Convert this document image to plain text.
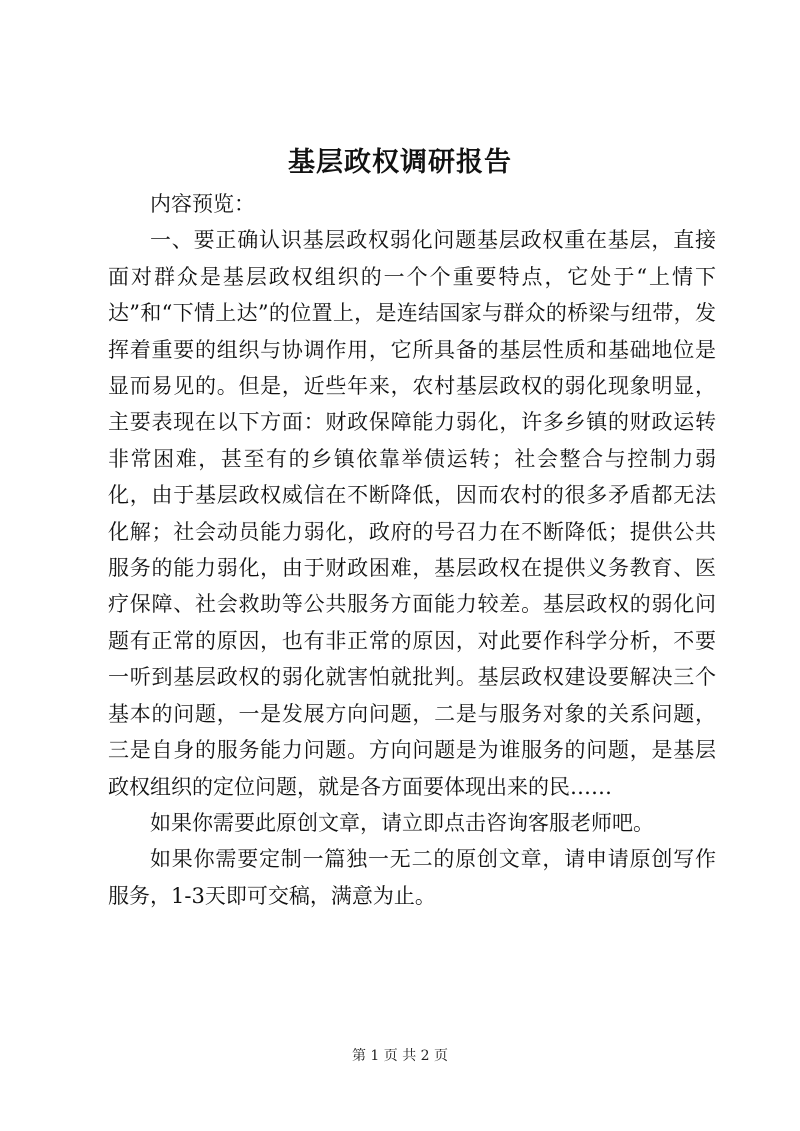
基层政权调研报告

内容预览：

一、要正确认识基层政权弱化问题基层政权重在基层，直接面对群众是基层政权组织的一个个重要特点，它处于“上情下达”和“下情上达”的位置上，是连结国家与群众的桥梁与纽带，发挥着重要的组织与协调作用，它所具备的基层性质和基础地位是显而易见的。但是，近些年来，农村基层政权的弱化现象明显，主要表现在以下方面：财政保障能力弱化，许多乡镇的财政运转非常困难，甚至有的乡镇依靠举债运转；社会整合与控制力弱化，由于基层政权威信在不断降低，因而农村的很多矛盾都无法化解；社会动员能力弱化，政府的号召力在不断降低；提供公共服务的能力弱化，由于财政困难，基层政权在提供义务教育、医疗保障、社会救助等公共服务方面能力较差。基层政权的弱化问题有正常的原因，也有非正常的原因，对此要作科学分析，不要一听到基层政权的弱化就害怕就批判。基层政权建设要解决三个基本的问题，一是发展方向问题，二是与服务对象的关系问题，三是自身的服务能力问题。方向问题是为谁服务的问题，是基层政权组织的定位问题，就是各方面要体现出来的民……

如果你需要此原创文章，请立即点击咨询客服老师吧。

如果你需要定制一篇独一无二的原创文章，请申请原创写作服务，1-3天即可交稿，满意为止。

第 1 页 共 2 页
